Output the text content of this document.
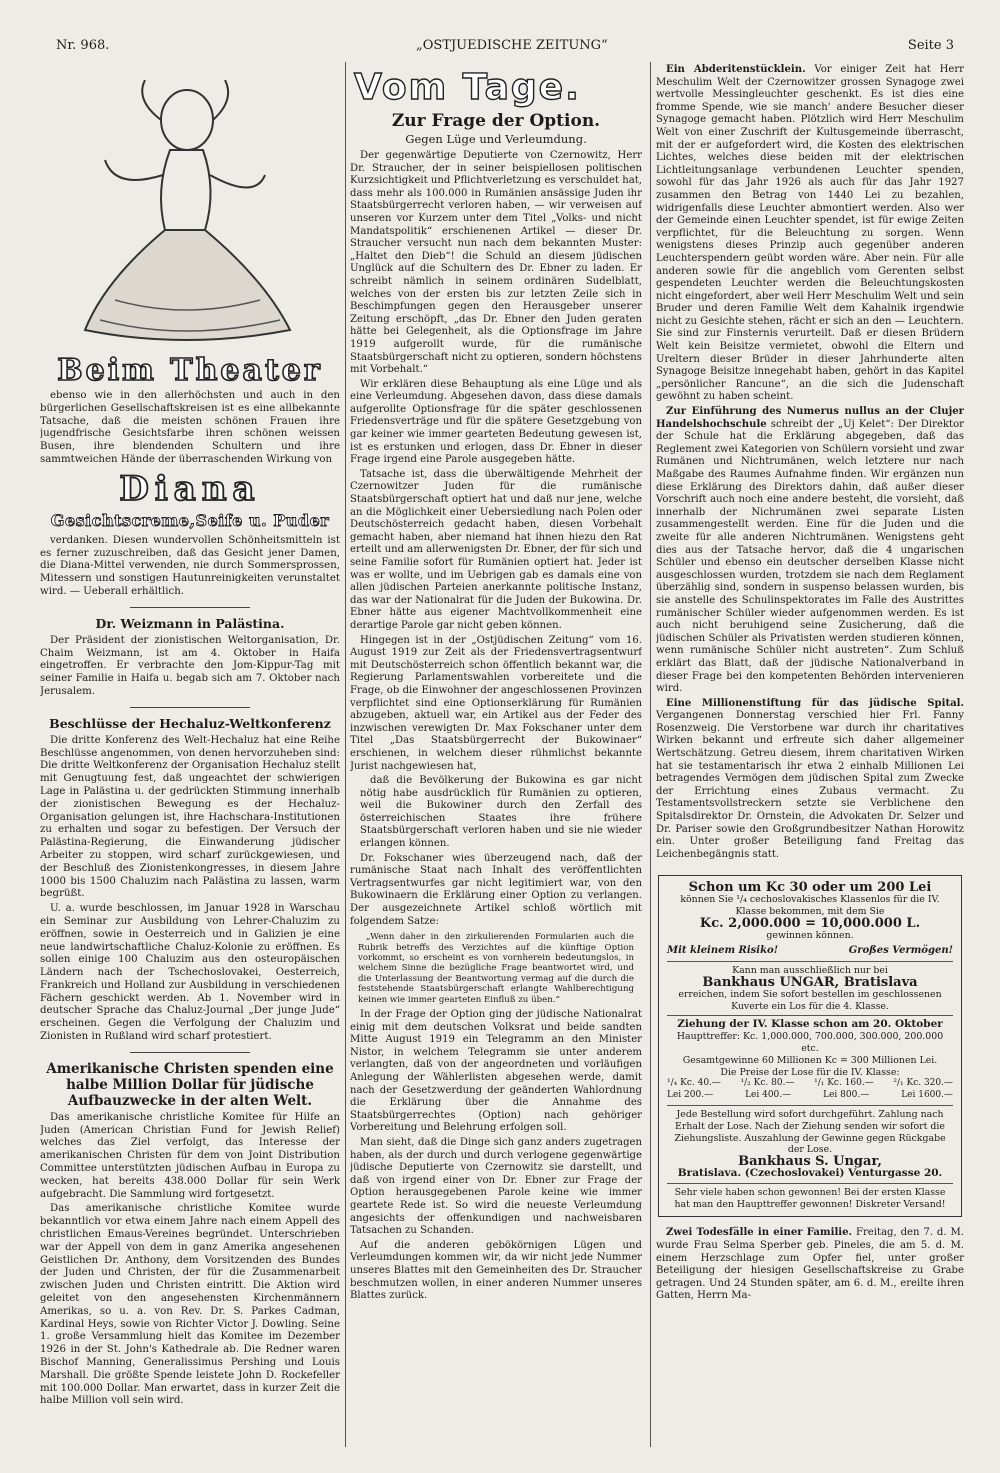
Nr. 968.	„OSTJUEDISCHE ZEITUNG“	Seite 3
Beim Theater

ebenso wie in den allerhöchsten und auch in den bürgerlichen Gesellschaftskreisen ist es eine allbekannte Tatsache, daß die meisten schönen Frauen ihre jugendfrische Gesichtsfarbe ihren schönen weissen Busen, ihre blendenden Schultern und ihre sammtweichen Hände der überraschenden Wirkung von

Diana
Gesichtscreme,Seife u. Puder

verdanken. Diesen wundervollen Schönheitsmitteln ist es ferner zuzuschreiben, daß das Gesicht jener Damen, die Diana-Mittel verwenden, nie durch Sommersprossen, Mitessern und sonstigen Hautunreinigkeiten verunstaltet wird. — Ueberall erhältlich.

Dr. Weizmann in Palästina.

Der Präsident der zionistischen Weltorganisation, Dr. Chaim Weizmann, ist am 4. Oktober in Haifa eingetroffen. Er verbrachte den Jom-Kippur-Tag mit seiner Familie in Haifa u. begab sich am 7. Oktober nach Jerusalem.

Beschlüsse der Hechaluz-Weltkonferenz

Die dritte Konferenz des Welt-Hechaluz hat eine Reihe Beschlüsse angenommen, von denen hervorzuheben sind: Die dritte Weltkonferenz der Organisation Hechaluz stellt mit Genugtuung fest, daß ungeachtet der schwierigen Lage in Palästina u. der gedrückten Stimmung innerhalb der zionistischen Bewegung es der Hechaluz-Organisation gelungen ist, ihre Hachschara-Institutionen zu erhalten und sogar zu befestigen. Der Versuch der Palästina-Regierung, die Einwanderung jüdischer Arbeiter zu stoppen, wird scharf zurückgewiesen, und der Beschluß des Zionistenkongresses, in diesem Jahre 1000 bis 1500 Chaluzim nach Palästina zu lassen, warm begrüßt.

U. a. wurde beschlossen, im Januar 1928 in Warschau ein Seminar zur Ausbildung von Lehrer-Chaluzim zu eröffnen, sowie in Oesterreich und in Galizien je eine neue landwirtschaftliche Chaluz-Kolonie zu eröffnen. Es sollen einige 100 Chaluzim aus den osteuropäischen Ländern nach der Tschechoslovakei, Oesterreich, Frankreich und Holland zur Ausbildung in verschiedenen Fächern geschickt werden. Ab 1. November wird in deutscher Sprache das Chaluz-Journal „Der junge Jude“ erscheinen. Gegen die Verfolgung der Chaluzim und Zionisten in Rußland wird scharf protestiert.

Amerikanische Christen spenden eine halbe Million Dollar für jüdische Aufbauzwecke in der alten Welt.

Das amerikanische christliche Komitee für Hilfe an Juden (American Christian Fund for Jewish Relief) welches das Ziel verfolgt, das Interesse der amerikanischen Christen für dem von Joint Distribution Committee unterstützten jüdischen Aufbau in Europa zu wecken, hat bereits 438.000 Dollar für sein Werk aufgebracht. Die Sammlung wird fortgesetzt.

Das amerikanische christliche Komitee wurde bekanntlich vor etwa einem Jahre nach einem Appell des christlichen Emaus-Vereines begründet. Unterschrieben war der Appell von dem in ganz Amerika angesehenen Geistlichen Dr. Anthony, dem Vorsitzenden des Bundes der Juden und Christen, der für die Zusammenarbeit zwischen Juden und Christen eintritt. Die Aktion wird geleitet von den angesehensten Kirchenmännern Amerikas, so u. a. von Rev. Dr. S. Parkes Cadman, Kardinal Heys, sowie von Richter Victor J. Dowling. Seine 1. große Versammlung hielt das Komitee im Dezember 1926 in der St. John's Kathedrale ab. Die Redner waren Bischof Manning, Generalissimus Pershing und Louis Marshall. Die größte Spende leistete John D. Rockefeller mit 100.000 Dollar. Man erwartet, dass in kurzer Zeit die halbe Million voll sein wird.

Vom Tage.
Zur Frage der Option.
Gegen Lüge und Verleumdung.

Der gegenwärtige Deputierte von Czernowitz, Herr Dr. Straucher, der in seiner beispiellosen politischen Kurzsichtigkeit und Pflichtverletzung es verschuldet hat, dass mehr als 100.000 in Rumänien ansässige Juden ihr Staatsbürgerrecht verloren haben, — wir verweisen auf unseren vor Kurzem unter dem Titel „Volks- und nicht Mandatspolitik“ erschienenen Artikel — dieser Dr. Straucher versucht nun nach dem bekannten Muster: „Haltet den Dieb“! die Schuld an diesem jüdischen Unglück auf die Schultern des Dr. Ebner zu laden. Er schreibt nämlich in seinem ordinären Sudelblatt, welches von der ersten bis zur letzten Zeile sich in Beschimpfungen gegen den Herausgeber unserer Zeitung erschöpft, „das Dr. Ebner den Juden geraten hätte bei Gelegenheit, als die Optionsfrage im Jahre 1919 aufgerollt wurde, für die rumänische Staatsbürgerschaft nicht zu optieren, sondern höchstens mit Vorbehalt.“

Wir erklären diese Behauptung als eine Lüge und als eine Verleumdung. Abgesehen davon, dass diese damals aufgerollte Optionsfrage für die später geschlossenen Friedensverträge und für die spätere Gesetzgebung von gar keiner wie immer gearteten Bedeutung gewesen ist, ist es erstunken und erlogen, dass Dr. Ebner in dieser Frage irgend eine Parole ausgegeben hätte.

Tatsache ist, dass die überwältigende Mehrheit der Czernowitzer Juden für die rumänische Staatsbürgerschaft optiert hat und daß nur jene, welche an die Möglichkeit einer Uebersiedlung nach Polen oder Deutschösterreich gedacht haben, diesen Vorbehalt gemacht haben, aber niemand hat ihnen hiezu den Rat erteilt und am allerwenigsten Dr. Ebner, der für sich und seine Familie sofort für Rumänien optiert hat. Jeder ist was er wollte, und im Uebrigen gab es damals eine von allen jüdischen Parteien anerkannte politische Instanz, das war der Nationalrat für die Juden der Bukowina. Dr. Ebner hätte aus eigener Machtvollkommenheit eine derartige Parole gar nicht geben können.

Hingegen ist in der „Ostjüdischen Zeitung“ vom 16. August 1919 zur Zeit als der Friedensvertragsentwurf mit Deutschösterreich schon öffentlich bekannt war, die Regierung Parlamentswahlen vorbereitete und die Frage, ob die Einwohner der angeschlossenen Provinzen verpflichtet sind eine Optionserklärung für Rumänien abzugeben, aktuell war, ein Artikel aus der Feder des inzwischen verewigten Dr. Max Fokschaner unter dem Titel „Das Staatsbürgerrecht der Bukowinaer“ erschienen, in welchem dieser rühmlichst bekannte Jurist nachgewiesen hat,

daß die Bevölkerung der Bukowina es gar nicht nötig habe ausdrücklich für Rumänien zu optieren, weil die Bukowiner durch den Zerfall des österreichischen Staates ihre frühere Staatsbürgerschaft verloren haben und sie nie wieder erlangen können.

Dr. Fokschaner wies überzeugend nach, daß der rumänische Staat nach Inhalt des veröffentlichten Vertragsentwurfes gar nicht legitimiert war, von den Bukowinaern die Erklärung einer Option zu verlangen. Der ausgezeichnete Artikel schloß wörtlich mit folgendem Satze:

„Wenn daher in den zirkulierenden Formularien auch die Rubrik betreffs des Verzichtes auf die künftige Option vorkommt, so erscheint es von vornherein bedeutungslos, in welchem Sinne die bezügliche Frage beantwortet wird, und die Unterlassung der Beantwortung vermag auf die durch die feststehende Staatsbürgerschaft erlangte Wahlberechtigung keinen wie immer gearteten Einfluß zu üben.“

In der Frage der Option ging der jüdische Nationalrat einig mit dem deutschen Volksrat und beide sandten Mitte August 1919 ein Telegramm an den Minister Nistor, in welchem Telegramm sie unter anderem verlangten, daß von der angeordneten und vorläufigen Anlegung der Wählerlisten abgesehen werde, damit nach der Gesetzwerdung der geänderten Wahlordnung die Erklärung über die Annahme des Staatsbürgerrechtes (Option) nach gehöriger Vorbereitung und Belehrung erfolgen soll.

Man sieht, daß die Dinge sich ganz anders zugetragen haben, als der durch und durch verlogene gegenwärtige jüdische Deputierte von Czernowitz sie darstellt, und daß von irgend einer von Dr. Ebner zur Frage der Option herausgegebenen Parole keine wie immer geartete Rede ist. So wird die neueste Verleumdung angesichts der offenkundigen und nachweisbaren Tatsachen zu Schanden.

Auf die anderen gebökörnigen Lügen und Verleumdungen kommen wir, da wir nicht jede Nummer unseres Blattes mit den Gemeinheiten des Dr. Straucher beschmutzen wollen, in einer anderen Nummer unseres Blattes zurück.

Ein Abderitenstücklein. Vor einiger Zeit hat Herr Meschulim Welt der Czernowitzer grossen Synagoge zwei wertvolle Messingleuchter geschenkt. Es ist dies eine fromme Spende, wie sie manch' andere Besucher dieser Synagoge gemacht haben. Plötzlich wird Herr Meschulim Welt von einer Zuschrift der Kultusgemeinde überrascht, mit der er aufgefordert wird, die Kosten des elektrischen Lichtes, welches diese beiden mit der elektrischen Lichtleitungsanlage verbundenen Leuchter spenden, sowohl für das Jahr 1926 als auch für das Jahr 1927 zusammen den Betrag von 1440 Lei zu bezahlen, widrigenfalls diese Leuchter abmontiert werden. Also wer der Gemeinde einen Leuchter spendet, ist für ewige Zeiten verpflichtet, für die Beleuchtung zu sorgen. Wenn wenigstens dieses Prinzip auch gegenüber anderen Leuchterspendern geübt worden wäre. Aber nein. Für alle anderen sowie für die angeblich vom Gerenten selbst gespendeten Leuchter werden die Beleuchtungskosten nicht eingefordert, aber weil Herr Meschulim Welt und sein Bruder und deren Familie Welt dem Kahalnik irgendwie nicht zu Gesichte stehen, rächt er sich an den — Leuchtern. Sie sind zur Finsternis verurteilt. Daß er diesen Brüdern Welt kein Beisitze vermietet, obwohl die Eltern und Ureltern dieser Brüder in dieser Jahrhunderte alten Synagoge Beisitze innegehabt haben, gehört in das Kapitel „persönlicher Rancune“, an die sich die Judenschaft gewöhnt zu haben scheint.

Zur Einführung des Numerus nullus an der Clujer Handelshochschule schreibt der „Uj Kelet“: Der Direktor der Schule hat die Erklärung abgegeben, daß das Reglement zwei Kategorien von Schülern vorsieht und zwar Rumänen und Nichtrumänen, welch letztere nur nach Maßgabe des Raumes Aufnahme finden. Wir ergänzen nun diese Erklärung des Direktors dahin, daß außer dieser Vorschrift auch noch eine andere besteht, die vorsieht, daß innerhalb der Nichrumänen zwei separate Listen zusammengestellt werden. Eine für die Juden und die zweite für alle anderen Nichtrumänen. Wenigstens geht dies aus der Tatsache hervor, daß die 4 ungarischen Schüler und ebenso ein deutscher derselben Klasse nicht ausgeschlossen wurden, trotzdem sie nach dem Reglament überzählig sind, sondern in suspenso belassen wurden, bis sie anstelle des Schulinspektorates im Falle des Austrittes rumänischer Schüler wieder aufgenommen werden. Es ist auch nicht beruhigend seine Zusicherung, daß die jüdischen Schüler als Privatisten werden studieren können, wenn rumänische Schüler nicht austreten“. Zum Schluß erklärt das Blatt, daß der jüdische Nationalverband in dieser Frage bei den kompetenten Behörden intervenieren wird.

Eine Millionenstiftung für das jüdische Spital. Vergangenen Donnerstag verschied hier Frl. Fanny Rosenzweig. Die Verstorbene war durch ihr charitatives Wirken bekannt und erfreute sich daher allgemeiner Wertschätzung. Getreu diesem, ihrem charitativen Wirken hat sie testamentarisch ihr etwa 2 einhalb Millionen Lei betragendes Vermögen dem jüdischen Spital zum Zwecke der Errichtung eines Zubaus vermacht. Zu Testamentsvollstreckern setzte sie Verblichene den Spitalsdirektor Dr. Ornstein, die Advokaten Dr. Selzer und Dr. Pariser sowie den Großgrundbesitzer Nathan Horowitz ein. Unter großer Beteiligung fand Freitag das Leichenbegängnis statt.

Schon um Kc 30 oder um 200 Lei
können Sie ¹/₄ cechoslovakisches Klassenlos für die IV. Klasse bekommen, mit dem Sie
Kc. 2,000.000 = 10,000.000 L.
gewinnen können.
Mit kleinem Risiko!	Großes Vermögen!
Kann man ausschließlich nur bei
Bankhaus UNGAR, Bratislava
erreichen, indem Sie sofort bestellen im geschlossenen Kuverte ein Los für die 4. Klasse.
Ziehung der IV. Klasse schon am 20. Oktober
Haupttreffer: Kc. 1,000.000, 700.000, 300.000, 200.000 etc.
Gesamtgewinne 60 Millionen Kc = 300 Millionen Lei.
Die Preise der Lose für die IV. Klasse:
¹/₄ Kc. 40.— ¹/₂ Kc. 80.— ¹/₁ Kc. 160.— ²/₁ Kc. 320.—
Lei 200.—	Lei 400.—	Lei 800.—	Lei 1600.—
Jede Bestellung wird sofort durchgeführt. Zahlung nach Erhalt der Lose. Nach der Ziehung senden wir sofort die Ziehungsliste. Auszahlung der Gewinne gegen Rückgabe der Lose.
Bankhaus S. Ungar,
Bratislava. (Czechoslovakei) Venturgasse 20.
Sehr viele haben schon gewonnen! Bei der ersten Klasse hat man den Haupttreffer gewonnen! Diskreter Versand!

Zwei Todesfälle in einer Familie. Freitag, den 7. d. M. wurde Frau Selma Sperber geb. Pineles, die am 5. d. M. einem Herzschlage zum Opfer fiel, unter großer Beteiligung der hiesigen Gesellschaftskreise zu Grabe getragen. Und 24 Stunden später, am 6. d. M., ereilte ihren Gatten, Herrn Ma-
